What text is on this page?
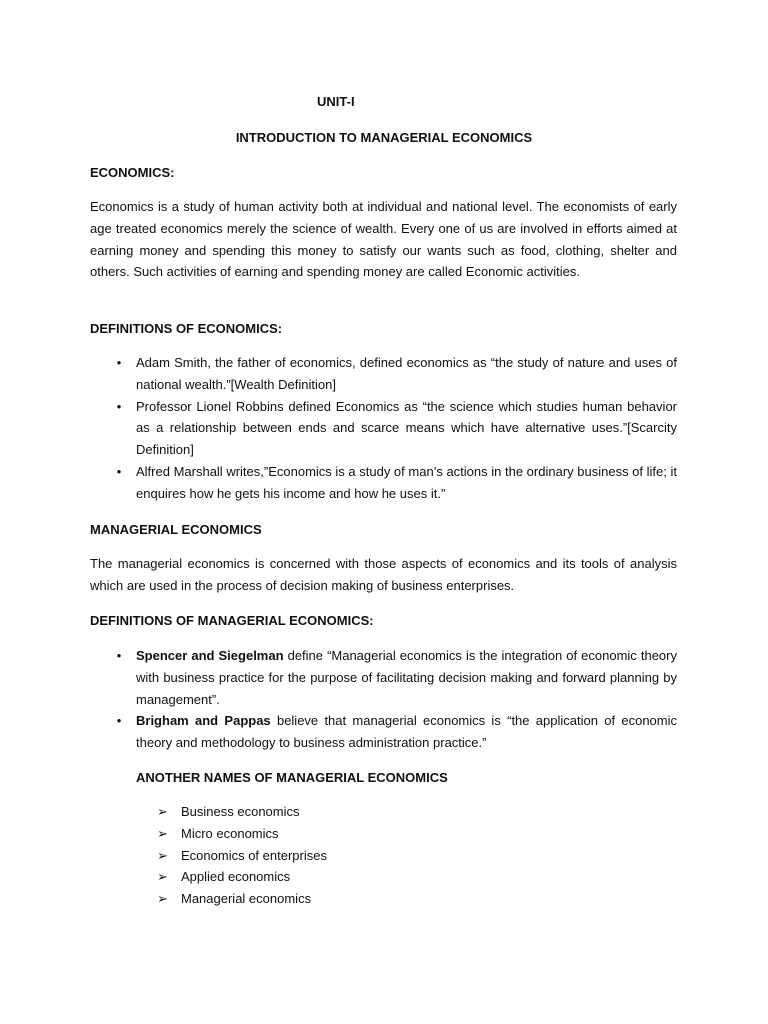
UNIT-I
INTRODUCTION TO MANAGERIAL ECONOMICS
ECONOMICS:
Economics is a study of human activity both at individual and national level. The economists of early age treated economics merely the science of wealth. Every one of us are involved in efforts aimed at earning money and spending this money to satisfy our wants such as food, clothing, shelter and others. Such activities of earning and spending money are called Economic activities.
DEFINITIONS OF ECONOMICS:
• Adam Smith, the father of economics, defined economics as “the study of nature and uses of national wealth.”[Wealth Definition]
• Professor Lionel Robbins defined Economics as “the science which studies human behavior as a relationship between ends and scarce means which have alternative uses.”[Scarcity Definition]
• Alfred Marshall writes,”Economics is a study of man’s actions in the ordinary business of life; it enquires how he gets his income and how he uses it.”
MANAGERIAL ECONOMICS
The managerial economics is concerned with those aspects of economics and its tools of analysis which are used in the process of decision making of business enterprises.
DEFINITIONS OF MANAGERIAL ECONOMICS:
• Spencer and Siegelman define “Managerial economics is the integration of economic theory with business practice for the purpose of facilitating decision making and forward planning by management”.
• Brigham and Pappas believe that managerial economics is “the application of economic theory and methodology to business administration practice.”
ANOTHER NAMES OF MANAGERIAL ECONOMICS
➢ Business economics
➢ Micro economics
➢ Economics of enterprises
➢ Applied economics
➢ Managerial economics
